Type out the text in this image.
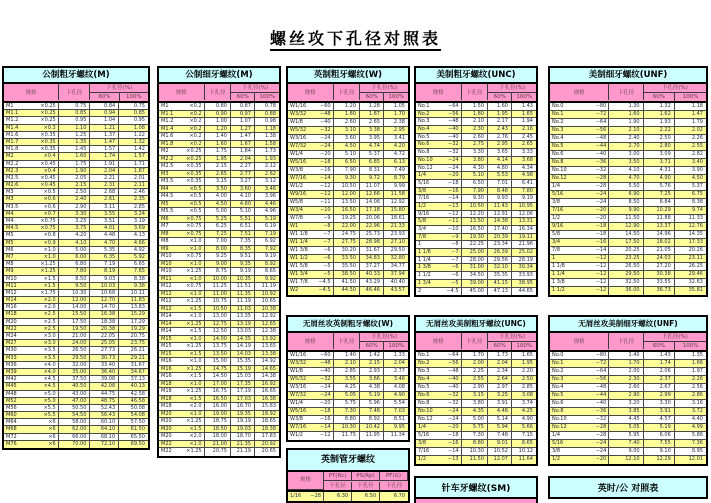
螺丝攻下孔径对照表
公制粗牙螺纹(M)
规格	下孔径
下孔径(%)
60%	100%
M1	×0.25	0.75	0.84	0.75
M1.1	×0.25	0.85	0.94	0.85
M1.2	×0.25	0.95	1.04	0.95
M1.4	×0.3	1.10	1.21	1.08
M1.6	×0.35	1.25	1.37	1.22
M1.7	×0.35	1.35	1.47	1.32
M1.8	×0.35	1.45	1.57	1.42
M2	×0.4	1.60	1.74	1.57
M2.2	×0.45	1.75	1.91	1.71
M2.3	×0.4	1.90	2.04	1.87
M2.5	×0.45	2.05	2.21	2.01
M2.6	×0.45	2.15	2.31	2.11
M3	×0.5	2.50	2.68	2.46
M3	×0.6	2.40	2.61	2.35
M3.5	×0.6	2.90	3.11	2.85
M4	×0.7	3.30	3.55	3.24
M4	×0.75	3.25	3.51	3.19
M4.5	×0.75	3.75	4.01	3.69
M5	×0.8	4.20	4.48	4.13
M5	×0.9	4.10	4.70	4.66
M6	×1.0	5.00	5.35	4.92
M7	×1.0	6.00	6.35	5.92
M8	×1.25	6.80	7.19	6.65
M9	×1.25	7.80	8.19	7.65
M10	×1.5	8.50	9.03	8.38
M11	×1.5	9.50	10.03	9.38
M12	×1.75	10.30	10.68	10.11
M14	×2.0	12.00	12.70	11.83
M16	×2.0	14.00	14.70	13.83
M18	×2.5	15.50	16.38	15.29
M20	×2.5	17.50	18.38	17.29
M22	×2.5	19.50	20.38	19.29
M24	×3.0	21.00	22.05	20.75
M27	×3.0	24.00	25.05	23.75
M30	×3.5	26.50	27.73	26.21
M33	×3.5	29.50	30.73	29.21
M36	×4.0	32.00	33.40	31.67
M39	×4.0	35.00	36.40	34.67
M42	×4.5	37.50	39.08	37.13
M45	×4.5	40.50	42.08	40.13
M48	×5.0	43.00	44.75	42.58
M52	×5.0	47.00	48.75	46.58
M56	×5.5	50.50	52.43	50.08
M60	×5.5	54.50	56.43	54.08
M64	×6	58.00	60.10	57.50
M68	×6	62.00	64.10	61.50
M72	×6	66.00	68.10	65.50
M76	×6	70.00	72.10	69.50
公制细牙螺纹(M)
规格	下孔径
下孔径(%)
60%	100%
M1	×0.2	0.80	0.87	0.78
M1.1	×0.2	0.90	0.97	0.88
M1.2	×0.2	1.00	1.07	0.98
M1.4	×0.2	1.20	1.27	1.18
M1.6	×0.2	1.40	1.47	1.38
M1.8	×0.2	1.60	1.67	1.58
M2	×0.25	1.75	1.84	1.73
M2.2	×0.25	1.95	2.04	1.93
M2.5	×0.35	2.15	2.27	2.12
M3	×0.35	2.65	2.77	2.62
M3.5	×0.35	3.15	3.27	3.12
M4	×0.5	3.50	3.60	3.46
M4.5	×0.5	4.00	4.10	3.96
M5	×0.5	4.50	4.60	4.46
M5.5	×0.5	5.00	5.10	4.96
M6	×0.75	5.25	5.51	5.19
M7	×0.75	6.25	6.51	6.19
M8	×0.75	7.25	7.51	7.19
M8	×1.0	7.00	7.35	6.92
M9	×1.0	8.00	8.35	7.92
M10	×0.75	9.25	9.51	9.19
M10	×1.0	9.00	9.35	8.92
M10	×1.25	8.75	9.19	8.65
M11	×1.0	10.00	10.35	9.92
M12	×0.75	11.25	11.51	11.19
M12	×1.0	11.00	11.35	10.92
M12	×1.25	10.75	11.19	10.65
M12	×1.5	10.50	11.03	10.38
M14	×1.0	13.00	13.35	12.92
M14	×1.25	12.75	13.19	12.65
M14	×1.5	12.50	13.03	12.38
M15	×1.0	14.00	14.35	13.92
M15	×1.25	13.75	14.19	13.65
M15	×1.5	13.50	14.03	13.38
M16	×1.0	15.00	15.35	14.92
M16	×1.25	14.75	15.19	14.65
M16	×1.5	14.50	15.03	14.38
M18	×1.0	17.00	17.35	16.92
M18	×1.25	16.75	17.19	16.65
M18	×1.5	16.50	17.03	16.38
M18	×2.0	16.00	16.70	15.83
M20	×1.0	19.00	19.35	18.92
M20	×1.25	18.75	19.19	18.65
M20	×1.5	18.50	19.03	18.38
M20	×2.0	18.00	18.70	17.83
M22	×1.0	21.00	21.35	20.92
M22	×1.25	20.75	21.19	20.65
英制粗牙螺纹(W)
规格	下孔径
下孔径(%)
60%	100%
W1/16	−60	1.20	1.28	1.05
W3/32	−48	1.80	1.87	1.70
W1/8	−40	2.60	2.65	2.38
W5/32	−32	3.10	3.38	2.95
W3/16	−24	3.60	3.95	3.41
W7/32	−24	4.50	4.74	4.20
W1/4	−20	5.10	5.37	4.72
W5/16	−18	6.50	6.85	6.13
W3/8	−16	7.90	8.31	7.49
W7/16	−14	9.30	9.72	8.79
W1/2	−12	10.50	11.07	9.99
W9/16	−12	12.00	12.66	11.58
W5/8	−11	13.50	14.08	12.92
W3/4	−10	16.50	17.18	15.80
W7/8	−9	19.25	20.06	18.61
W1	−8	22.00	22.96	21.33
W1 1/8	−7	24.75	25.73	23.93
W1 1/4	−7	27.75	28.98	27.10
W1 3/8	−6	30.20	31.67	29.50
W1 1/2	−6	33.50	34.83	32.80
W1 5/8	−5	35.50	37.27	34.77
W1 3/4	−5	38.50	40.33	37.94
W1 7/8 −4.5	41.50	43.29	40.40
W2	−4.5	44.50	46.46	43.57
美制粗牙螺纹(UNC)
规格	下孔径
下孔径(%)
60%	100%
No.1	−64	1.50	1.60	1.43
No.2	−56	1.80	1.95	1.65
No.3	−48	2.10	2.17	1.94
No.4	−40	2.30	2.43	2.16
No.5	−40	2.60	2.76	2.45
No.6	−32	2.75	2.95	2.65
No.8	−32	3.30	3.65	3.33
No.10	−24	3.80	4.14	3.68
No.12	−24	4.30	4.80	4.34
1/4	−20	5.10	5.53	4.98
5/16	−18	6.50	7.01	6.41
3/8	−16	7.90	8.48	7.80
7/16	−14	9.30	9.93	9.19
1/2	−13	10.50	11.43	10.95
9/16	−12	12.20	12.91	12.06
5/8	−11	13.50	14.38	13.31
3/4	−10	16.50	17.40	16.34
7/8	−9	19.30	20.39	19.11
1	−8	22.25	23.34	21.96
1 1/8	−7	25.00	26.39	25.02
1 1/4	−7	28.00	29.56	28.19
1 3/8	−6	31.00	32.10	30.34
1 1/2	−6	34.50	35.35	33.93
1 3/4	−5	39.00	41.15	38.95
2	−4.5	45.00	47.13	44.65
美制细牙螺纹(UNF)
规格	下孔径
下孔径(%)
60%	100%
No.0	−80	1.30	1.32	1.18
No.1	−72	1.60	1.62	1.47
No.2	−64	1.90	1.93	1.79
No.3	−56	2.10	2.22	2.02
No.4	−48	2.40	2.50	2.26
No.5	−44	2.70	2.80	2.55
No.6	−40	3.00	3.09	2.82
No.8	−36	3.50	3.71	3.40
No.10	−32	4.10	4.31	3.90
No.12	−28	4.70	4.90	4.50
1/4	−28	5.50	5.76	5.37
5/16	−24	6.90	7.25	6.75
3/8	−24	8.50	8.84	8.38
7/16	−20	9.90	10.29	9.74
1/2	−20	11.50	11.88	11.33
9/16	−18	12.90	13.37	12.76
5/8	−18	14.50	14.96	14.35
3/4	−16	17.50	18.02	17.33
7/8	−14	20.25	21.05	20.26
1	−12	23.25	24.03	23.11
1 1/8	−12	26.50	27.20	26.25
1 1/4	−12	29.50	30.38	29.46
1 3/8	−12	32.50	33.55	32.63
1 1/2	−12	36.00	36.73	35.81
无屑丝攻英制粗牙螺纹(W)
规格	下孔径
下孔径(%)
60%	100%
W1/16	−60	1.40	1.42	1.33
W3/32	−48	2.10	2.15	2.04
W1/8	−40	2.85	2.93	2.77
W5/32	−32	3.55	3.66	3.46
W3/16	−24	4.25	4.38	4.08
W7/32	−24	5.05	5.19	4.90
W1/4	−20	5.75	5.96	5.54
W5/16	−18	7.30	7.48	7.03
W3/8	−16	8.80	8.92	8.51
W7/16	−14	10.30	10.42	9.95
W1/2	−12	11.75	11.95	11.34
无屑丝攻美制粗牙螺纹(UNC)
规格	下孔径
下孔径(%)
60%	100%
No.1	−64	1.70	1.73	1.65
No.2	−56	2.00	2.04	1.95
No.3	−48	2.25	2.34	2.20
No.4	−40	2.55	2.64	2.50
No.5	−40	2.90	2.97	2.85
No.6	−32	3.15	3.25	3.08
No.8	−32	3.80	3.91	3.74
No.10	−24	4.35	4.48	4.25
No.12	−24	5.00	5.14	4.90
1/4	−20	5.75	5.94	5.66
5/16	−18	7.30	7.48	7.15
3/8	−16	8.80	9.01	8.65
7/16	−14	10.30	10.52	10.12
1/2	−13	11.50	12.07	11.64
无屑丝攻美制细牙螺纹(UNF)
规格	下孔径
下孔径(%)
60%	100%
No.0	−80	1.40	1.43	1.35
No.1	−72	1.70	1.74	1.66
No.2	−64	2.00	2.06	1.97
No.3	−56	2.30	2.37	2.26
No.4	−48	2.60	2.67	2.56
No.5	−44	2.90	2.99	2.86
No.6	−40	3.20	3.30	3.16
No.8	−36	3.85	3.91	3.72
No.10	−32	4.45	4.57	4.40
No.12	−28	5.05	5.19	4.99
1/4	−28	5.95	6.06	5.86
5/16	−24	7.40	7.55	7.36
3/8	−24	9.00	9.10	8.95
1/2	−20	12.10	12.29	12.01
英制管牙螺纹
规格
PT(Rc)	PS(Rp)	PF(G)
下孔径	下孔径	下孔径
1/16 −28	6.30	6.50	6.70
针车牙螺纹(SM)	英时/公 对照表
